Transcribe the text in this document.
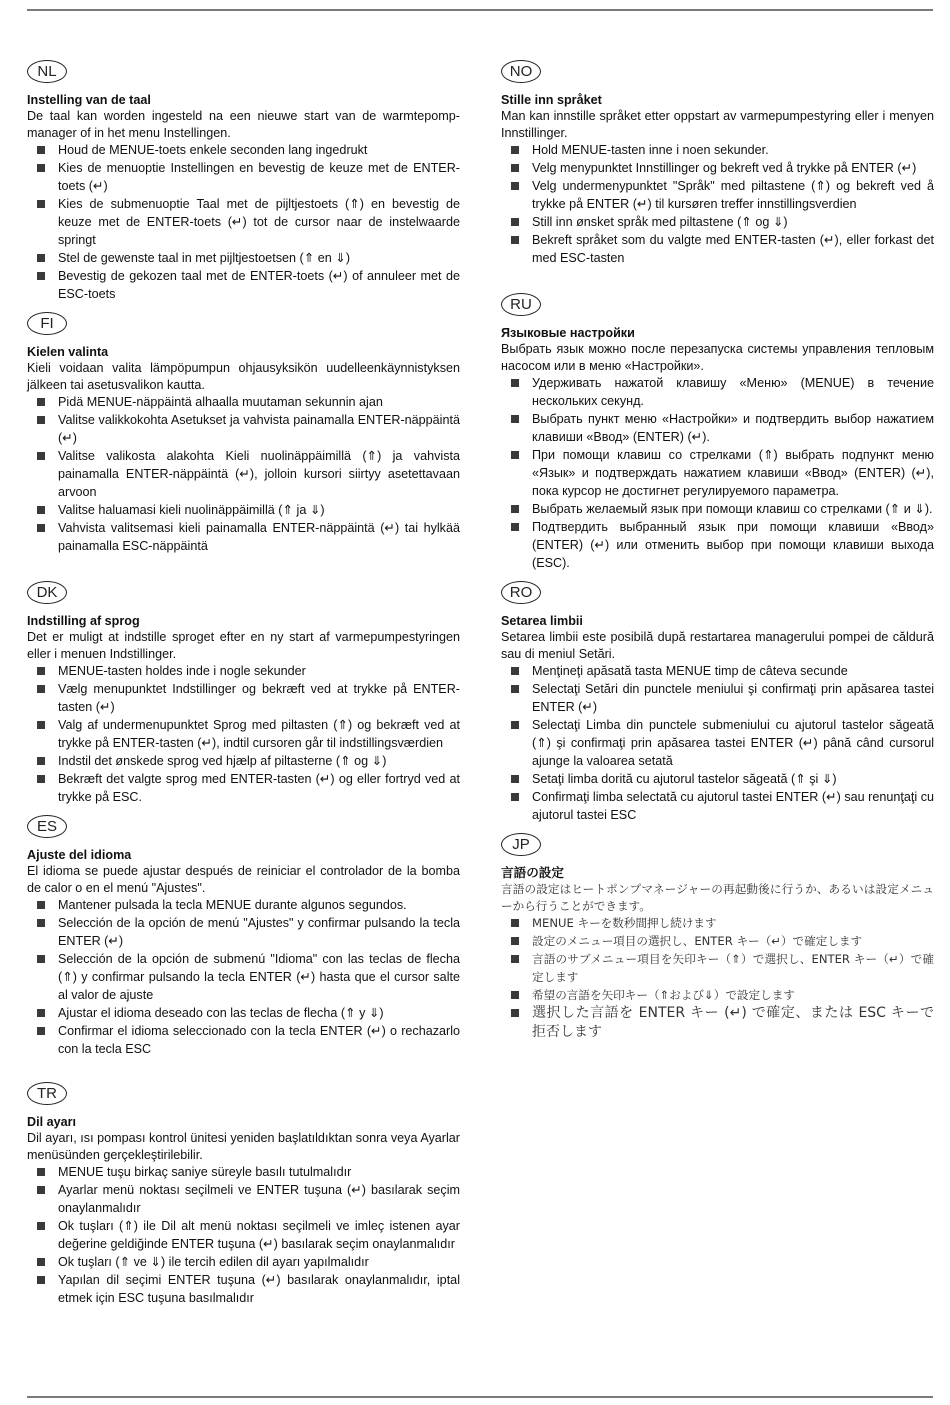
NL
Instelling van de taal
De taal kan worden ingesteld na een nieuwe start van de warmtepomp-manager of in het menu Instellingen.
Houd de MENUE-toets enkele seconden lang ingedrukt
Kies de menuoptie Instellingen en bevestig de keuze met de ENTER-toets (↵)
Kies de submenuoptie Taal met de pijltjestoets (⇑) en bevestig de keuze met de ENTER-toets (↵) tot de cursor naar de instelwaarde springt
Stel de gewenste taal in met pijltjestoetsen (⇑ en ⇓)
Bevestig de gekozen taal met de ENTER-toets (↵) of annuleer met de ESC-toets
FI
Kielen valinta
Kieli voidaan valita lämpöpumpun ohjausyksikön uudelleenkäynnistyksen jälkeen tai asetusvalikon kautta.
Pidä MENUE-näppäintä alhaalla muutaman sekunnin ajan
Valitse valikkokohta Asetukset ja vahvista painamalla ENTER-näppäintä (↵)
Valitse valikosta alakohta Kieli nuolinäppäimillä (⇑) ja vahvista painamalla ENTER-näppäintä (↵), jolloin kursori siirtyy asetettavaan arvoon
Valitse haluamasi kieli nuolinäppäimillä (⇑ ja ⇓)
Vahvista valitsemasi kieli painamalla ENTER-näppäintä (↵) tai hylkää painamalla ESC-näppäintä
DK
Indstilling af sprog
Det er muligt at indstille sproget efter en ny start af varmepumpestyringen eller i menuen Indstillinger.
MENUE-tasten holdes inde i nogle sekunder
Vælg menupunktet Indstillinger og bekræft ved at trykke på ENTER-tasten (↵)
Valg af undermenupunktet Sprog med piltasten (⇑) og bekræft ved at trykke på ENTER-tasten (↵), indtil cursoren går til indstillingsværdien
Indstil det ønskede sprog ved hjælp af piltasterne (⇑ og ⇓)
Bekræft det valgte sprog med ENTER-tasten (↵) og eller fortryd ved at trykke på ESC.
ES
Ajuste del idioma
El idioma se puede ajustar después de reiniciar el controlador de la bomba de calor o en el menú "Ajustes".
Mantener pulsada la tecla MENUE durante algunos segundos.
Selección de la opción de menú "Ajustes" y confirmar pulsando la tecla ENTER (↵)
Selección de la opción de submenú "Idioma" con las teclas de flecha (⇑) y confirmar pulsando la tecla ENTER (↵) hasta que el cursor salte al valor de ajuste
Ajustar el idioma deseado con las teclas de flecha (⇑ y ⇓)
Confirmar el idioma seleccionado con la tecla ENTER (↵) o rechazarlo con la tecla ESC
TR
Dil ayarı
Dil ayarı, ısı pompası kontrol ünitesi yeniden başlatıldıktan sonra veya Ayarlar menüsünden gerçekleştirilebilir.
MENUE tuşu birkaç saniye süreyle basılı tutulmalıdır
Ayarlar menü noktası seçilmeli ve ENTER tuşuna (↵) basılarak seçim onaylanmalıdır
Ok tuşları (⇑) ile Dil alt menü noktası seçilmeli ve imleç istenen ayar değerine geldiğinde ENTER tuşuna (↵) basılarak seçim onaylanmalıdır
Ok tuşları (⇑ ve ⇓) ile tercih edilen dil ayarı yapılmalıdır
Yapılan dil seçimi ENTER tuşuna (↵) basılarak onaylanmalıdır, iptal etmek için ESC tuşuna basılmalıdır
NO
Stille inn språket
Man kan innstille språket etter oppstart av varmepumpestyring eller i menyen Innstillinger.
Hold MENUE-tasten inne i noen sekunder.
Velg menypunktet Innstillinger og bekreft ved å trykke på ENTER (↵)
Velg undermenypunktet "Språk" med piltastene (⇑) og bekreft ved å trykke på ENTER (↵) til kursøren treffer innstillingsverdien
Still inn ønsket språk med piltastene (⇑ og ⇓)
Bekreft språket som du valgte med ENTER-tasten (↵), eller forkast det med ESC-tasten
RU
Языковые настройки
Выбрать язык можно после перезапуска системы управления тепловым насосом или в меню «Настройки».
Удерживать нажатой клавишу «Меню» (MENUE) в течение нескольких секунд.
Выбрать пункт меню «Настройки» и подтвердить выбор нажатием клавиши «Ввод» (ENTER) (↵).
При помощи клавиш со стрелками (⇑) выбрать подпункт меню «Язык» и подтверждать нажатием клавиши «Ввод» (ENTER) (↵), пока курсор не достигнет регулируемого параметра.
Выбрать желаемый язык при помощи клавиш со стрелками (⇑ и ⇓).
Подтвердить выбранный язык при помощи клавиши «Ввод» (ENTER) (↵) или отменить выбор при помощи клавиши выхода (ESC).
RO
Setarea limbii
Setarea limbii este posibilă după restartarea managerului pompei de căldură sau di meniul Setări.
Menţineţi apăsată tasta MENUE timp de câteva secunde
Selectaţi Setări din punctele meniului şi confirmaţi prin apăsarea tastei ENTER (↵)
Selectaţi Limba din punctele submeniului cu ajutorul tastelor săgeată (⇑) şi confirmaţi prin apăsarea tastei ENTER (↵) până când cursorul ajunge la valoarea setată
Setaţi limba dorită cu ajutorul tastelor săgeată (⇑ şi ⇓)
Confirmaţi limba selectată cu ajutorul tastei ENTER (↵) sau renunţaţi cu ajutorul tastei ESC
JP
言語の設定
言語の設定はヒートポンプマネージャーの再起動後に行うか、あるいは設定メニューから行うことができます。
MENUE キーを数秒間押し続けます
設定のメニュー項目の選択し、ENTER キー（↵）で確定します
言語のサブメニュー項目を矢印キー（⇑）で選択し、ENTER キー（↵）で確定します
希望の言語を矢印キー（⇑および⇓）で設定します
選択した言語を ENTER キー (↵) で確定、または ESC キーで拒否します
